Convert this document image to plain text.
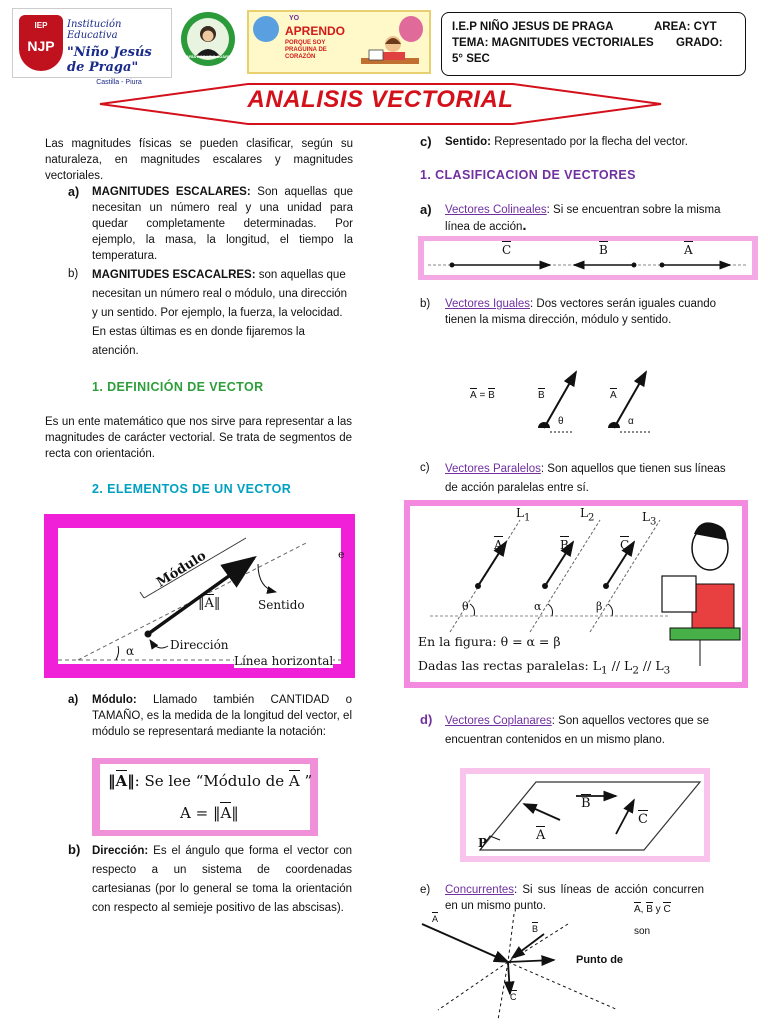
IEP
NJP
Institución Educativa
"Niño Jesús de Praga"
Castilla - Piura
MARÍA ROSARIO SUÁREZ
YO
APRENDO
PORQUE SOY PRAGUINA DE CORAZÓN
I.E.P NIÑO JESUS DE PRAGA	AREA: CYT
TEMA: MAGNITUDES VECTORIALES GRADO:
5° SEC
ANALISIS VECTORIAL
Las magnitudes físicas se pueden clasificar, según su naturaleza, en magnitudes escalares y magnitudes vectoriales.
a) MAGNITUDES ESCALARES: Son aquellas que necesitan un número real y una unidad para quedar completamente determinadas. Por ejemplo, la masa, la longitud, el tiempo la temperatura.
b) MAGNITUDES ESCACALRES: son aquellas que necesitan un número real o módulo, una dirección y un sentido. Por ejemplo, la fuerza, la velocidad. En estas últimas es en donde fijaremos la atención.
1. DEFINICIÓN DE VECTOR
Es un ente matemático que nos sirve para representar a las magnitudes de carácter vectorial. Se trata de segmentos de recta con orientación.
2. ELEMENTOS DE UN VECTOR
Módulo
Sentido
‖A‖
e
Dirección
α
Línea horizontal
a) Módulo: Llamado también CANTIDAD o TAMAÑO, es la medida de la longitud del vector, el módulo se representará mediante la notación:
‖A‖: Se lee “Módulo de A ”
A = ‖A‖
b) Dirección: Es el ángulo que forma el vector con respecto a un sistema de coordenadas cartesianas (por lo general se toma la orientación con respecto al semieje positivo de las abscisas).
c) Sentido: Representado por la flecha del vector.
1. CLASIFICACION DE VECTORES
a) Vectores Colineales: Si se encuentran sobre la misma línea de acción.
C	B	A
b) Vectores Iguales: Dos vectores serán iguales cuando tienen la misma dirección, módulo y sentido.
A = B	B	A
θ	α
c) Vectores Paralelos: Son aquellos que tienen sus líneas de acción paralelas entre sí.
$L_1$	$L_2$	$L_3$
A	B	C
θ	α	β
En la figura: θ = α = β
Dadas las rectas paralelas: $L_1 // L_2 // L_3$
d) Vectores Coplanares: Son aquellos vectores que se encuentran contenidos en un mismo plano.
B
C
A
P
e) Concurrentes: Si sus líneas de acción concurren en un mismo punto.	A, B y C
son
A
B
C
Punto de
